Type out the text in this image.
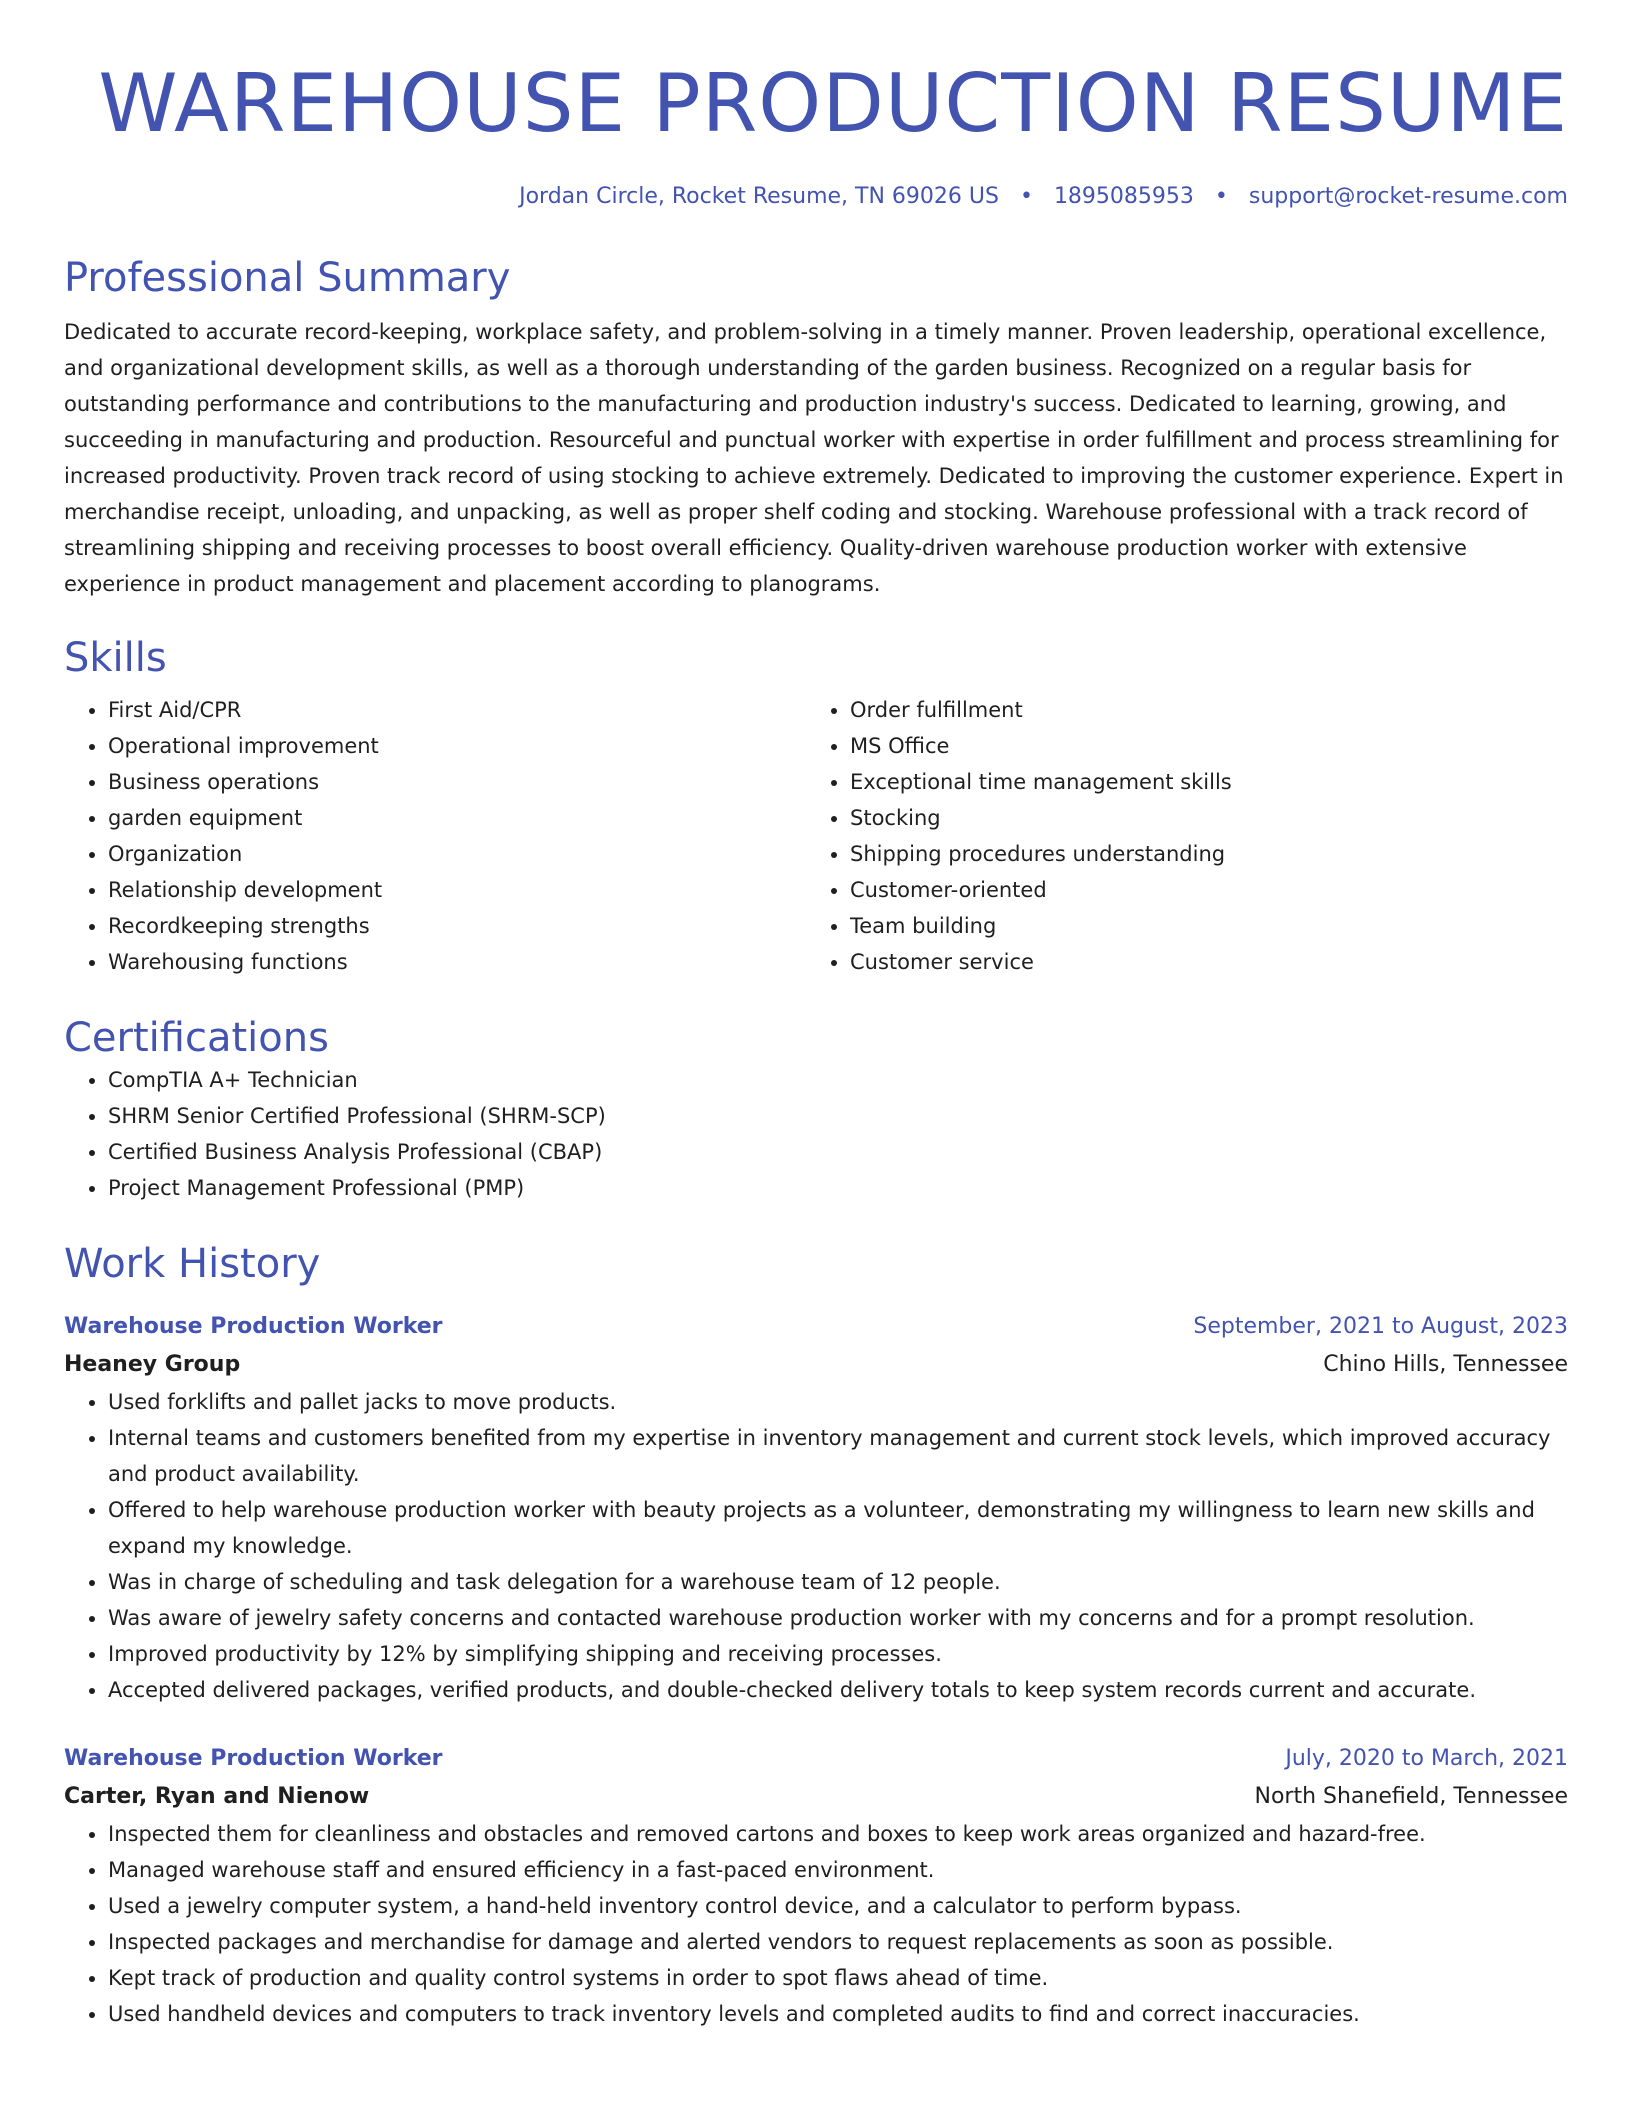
WAREHOUSE PRODUCTION RESUME
Jordan Circle, Rocket Resume, TN 69026 US • 1895085953 • support@rocket-resume.com
Professional Summary

Dedicated to accurate record-keeping, workplace safety, and problem-solving in a timely manner. Proven leadership, operational excellence, and organizational development skills, as well as a thorough understanding of the garden business. Recognized on a regular basis for outstanding performance and contributions to the manufacturing and production industry's success. Dedicated to learning, growing, and succeeding in manufacturing and production. Resourceful and punctual worker with expertise in order fulfillment and process streamlining for increased productivity. Proven track record of using stocking to achieve extremely. Dedicated to improving the customer experience. Expert in merchandise receipt, unloading, and unpacking, as well as proper shelf coding and stocking. Warehouse professional with a track record of streamlining shipping and receiving processes to boost overall efficiency. Quality-driven warehouse production worker with extensive experience in product management and placement according to planograms.

Skills
• First Aid/CPR
• Operational improvement
• Business operations
• garden equipment
• Organization
• Relationship development
• Recordkeeping strengths
• Warehousing functions
• Order fulfillment
• MS Office
• Exceptional time management skills
• Stocking
• Shipping procedures understanding
• Customer-oriented
• Team building
• Customer service
Certifications
• CompTIA A+ Technician
• SHRM Senior Certified Professional (SHRM-SCP)
• Certified Business Analysis Professional (CBAP)
• Project Management Professional (PMP)
Work History
Warehouse Production Worker	September, 2021 to August, 2023
Heaney Group	Chino Hills, Tennessee
• Used forklifts and pallet jacks to move products.
• Internal teams and customers benefited from my expertise in inventory management and current stock levels, which improved accuracy and product availability.
• Offered to help warehouse production worker with beauty projects as a volunteer, demonstrating my willingness to learn new skills and expand my knowledge.
• Was in charge of scheduling and task delegation for a warehouse team of 12 people.
• Was aware of jewelry safety concerns and contacted warehouse production worker with my concerns and for a prompt resolution.
• Improved productivity by 12% by simplifying shipping and receiving processes.
• Accepted delivered packages, verified products, and double-checked delivery totals to keep system records current and accurate.
Warehouse Production Worker	July, 2020 to March, 2021
Carter, Ryan and Nienow	North Shanefield, Tennessee
• Inspected them for cleanliness and obstacles and removed cartons and boxes to keep work areas organized and hazard-free.
• Managed warehouse staff and ensured efficiency in a fast-paced environment.
• Used a jewelry computer system, a hand-held inventory control device, and a calculator to perform bypass.
• Inspected packages and merchandise for damage and alerted vendors to request replacements as soon as possible.
• Kept track of production and quality control systems in order to spot flaws ahead of time.
• Used handheld devices and computers to track inventory levels and completed audits to find and correct inaccuracies.
